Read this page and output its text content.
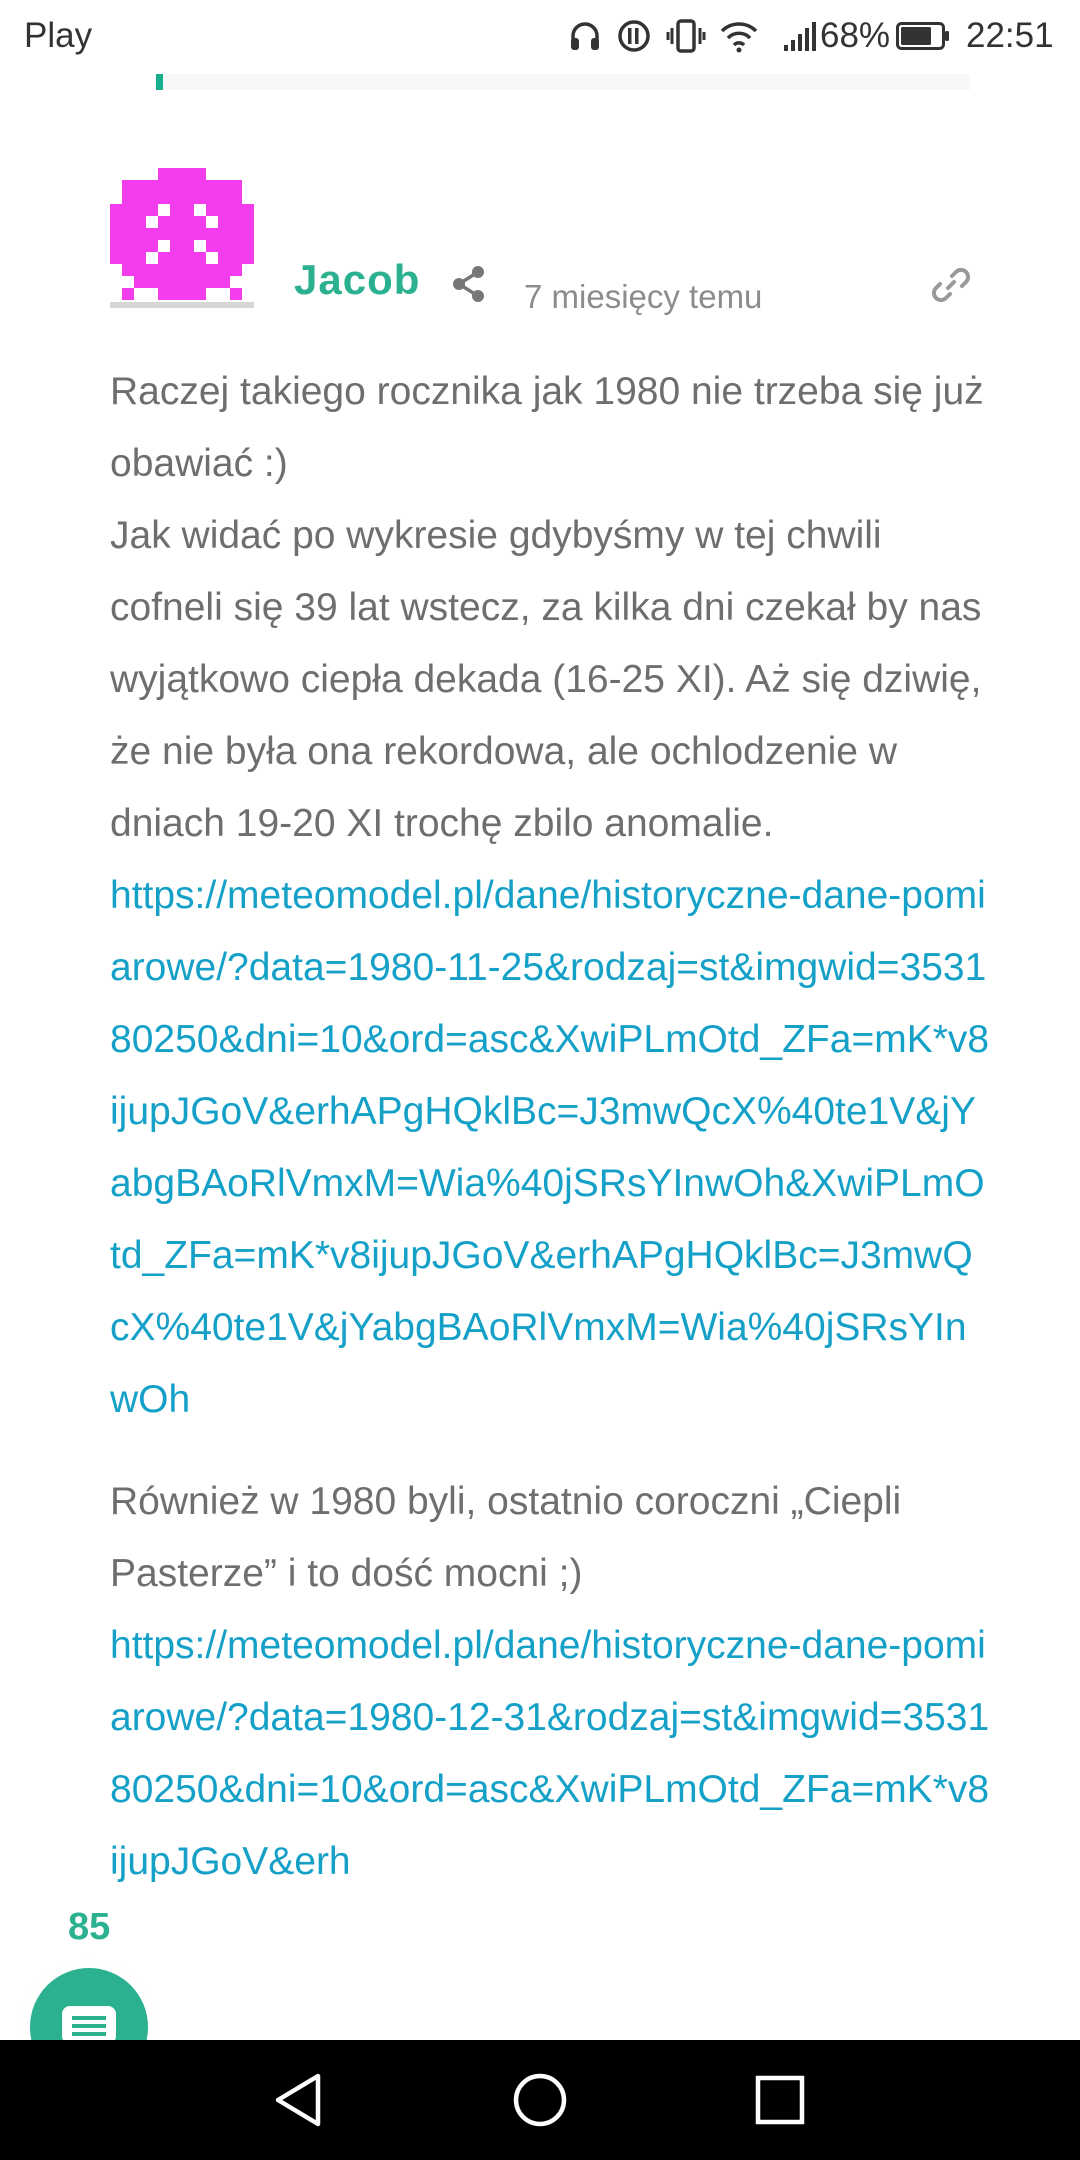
Play	68% 22:51
Jacob	7 miesięcy temu

Raczej takiego rocznika jak 1980 nie trzeba się już obawiać :)
Jak widać po wykresie gdybyśmy w tej chwili cofneli się 39 lat wstecz, za kilka dni czekał by nas wyjątkowo ciepła dekada (16-25 XI). Aż się dziwię, że nie była ona rekordowa, ale ochlodzenie w dniach 19-20 XI trochę zbilo anomalie.

https://meteomodel.pl/dane/historyczne-dane-pomiarowe/?data=1980-11-25&rodzaj=st&imgwid=353180250&dni=10&ord=asc&XwiPLmOtd_ZFa=mK*v8ijupJGoV&erhAPgHQklBc=J3mwQcX%40te1V&jYabgBAoRlVmxM=Wia%40jSRsYInwOh&XwiPLmOtd_ZFa=mK*v8ijupJGoV&erhAPgHQklBc=J3mwQcX%40te1V&jYabgBAoRlVmxM=Wia%40jSRsYInwOh

Również w 1980 byli, ostatnio coroczni „Ciepli Pasterze” i to dość mocni ;)

https://meteomodel.pl/dane/historyczne-dane-pomiarowe/?data=1980-12-31&rodzaj=st&imgwid=353180250&dni=10&ord=asc&XwiPLmOtd_ZFa=mK*v8ijupJGoV&erh
85
